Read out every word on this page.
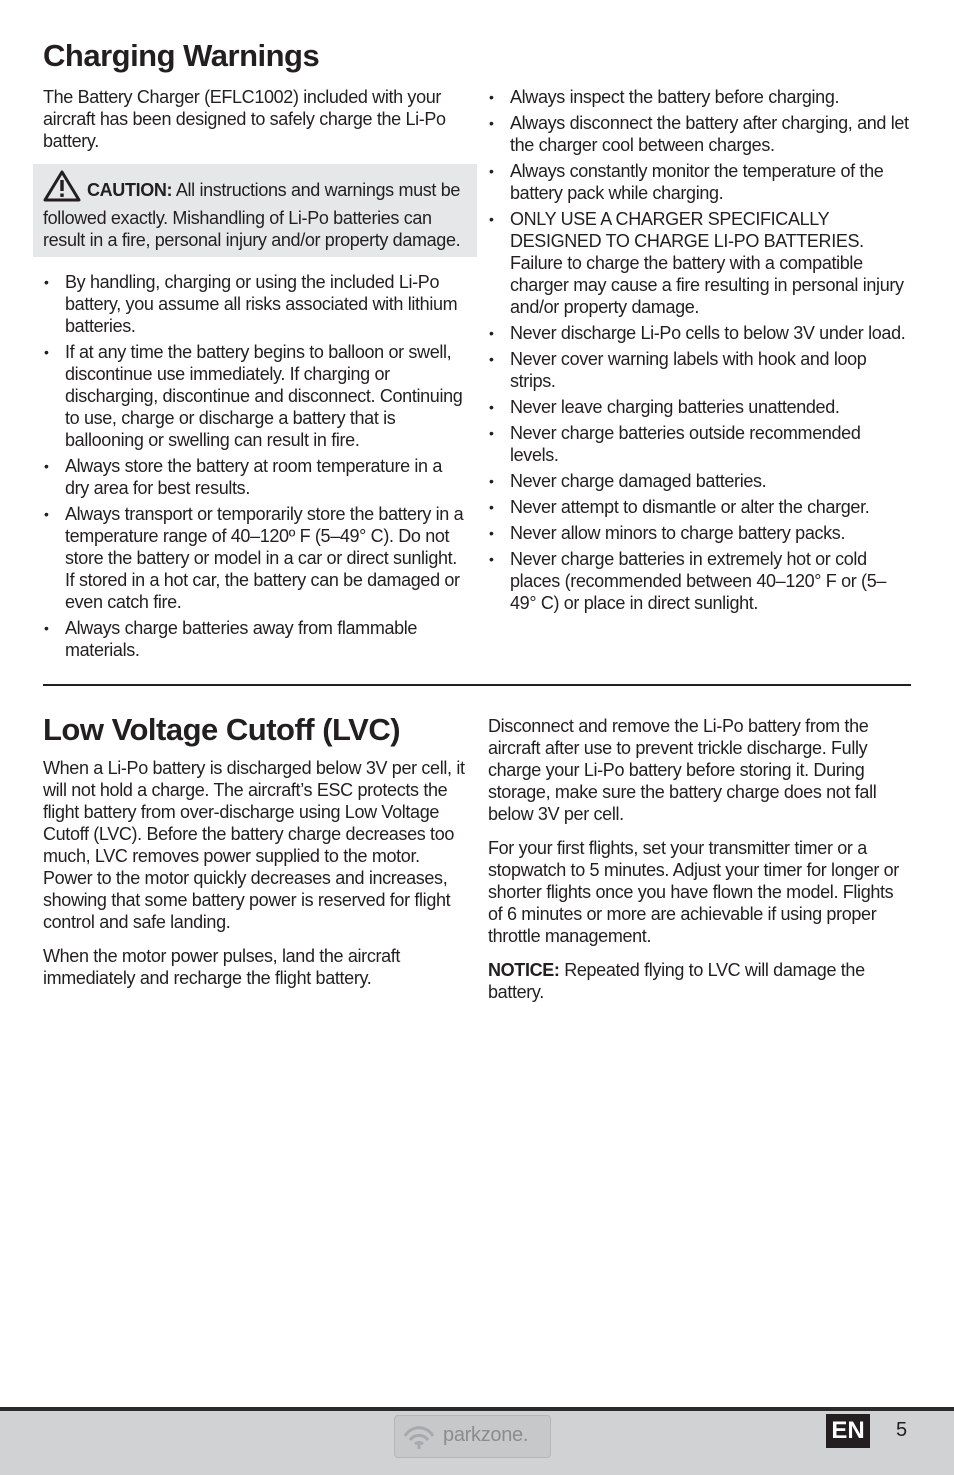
Charging Warnings

The Battery Charger (EFLC1002) included with your aircraft has been designed to safely charge the Li-Po battery.

CAUTION: All instructions and warnings must be followed exactly. Mishandling of Li-Po batteries can result in a fire, personal injury and/or property damage.
• By handling, charging or using the included Li-Po battery, you assume all risks associated with lithium batteries.
• If at any time the battery begins to balloon or swell, discontinue use immediately. If charging or discharging, discontinue and disconnect. Continuing to use, charge or discharge a battery that is ballooning or swelling can result in fire.
• Always store the battery at room temperature in a dry area for best results.
• Always transport or temporarily store the battery in a temperature range of 40–120º F (5–49° C). Do not store the battery or model in a car or direct sunlight. If stored in a hot car, the battery can be damaged or even catch fire.
• Always charge batteries away from flammable materials.
• Always inspect the battery before charging.
• Always disconnect the battery after charging, and let the charger cool between charges.
• Always constantly monitor the temperature of the battery pack while charging.
• ONLY USE A CHARGER SPECIFICALLY DESIGNED TO CHARGE LI-PO BATTERIES. Failure to charge the battery with a compatible charger may cause a fire resulting in personal injury and/or property damage.
• Never discharge Li-Po cells to below 3V under load.
• Never cover warning labels with hook and loop strips.
• Never leave charging batteries unattended.
• Never charge batteries outside recommended levels.
• Never charge damaged batteries.
• Never attempt to dismantle or alter the charger.
• Never allow minors to charge battery packs.
• Never charge batteries in extremely hot or cold places (recommended between 40–120° F or (5–49° C) or place in direct sunlight.
Low Voltage Cutoff (LVC)

When a Li-Po battery is discharged below 3V per cell, it will not hold a charge. The aircraft’s ESC protects the flight battery from over-discharge using Low Voltage Cutoff (LVC). Before the battery charge decreases too much, LVC removes power supplied to the motor. Power to the motor quickly decreases and increases, showing that some battery power is reserved for flight control and safe landing.

When the motor power pulses, land the aircraft immediately and recharge the flight battery.

Disconnect and remove the Li-Po battery from the aircraft after use to prevent trickle discharge. Fully charge your Li-Po battery before storing it. During storage, make sure the battery charge does not fall below 3V per cell.

For your first flights, set your transmitter timer or a stopwatch to 5 minutes. Adjust your timer for longer or shorter flights once you have flown the model. Flights of 6 minutes or more are achievable if using proper throttle management.

NOTICE: Repeated flying to LVC will damage the battery.

parkzone.	EN 5
